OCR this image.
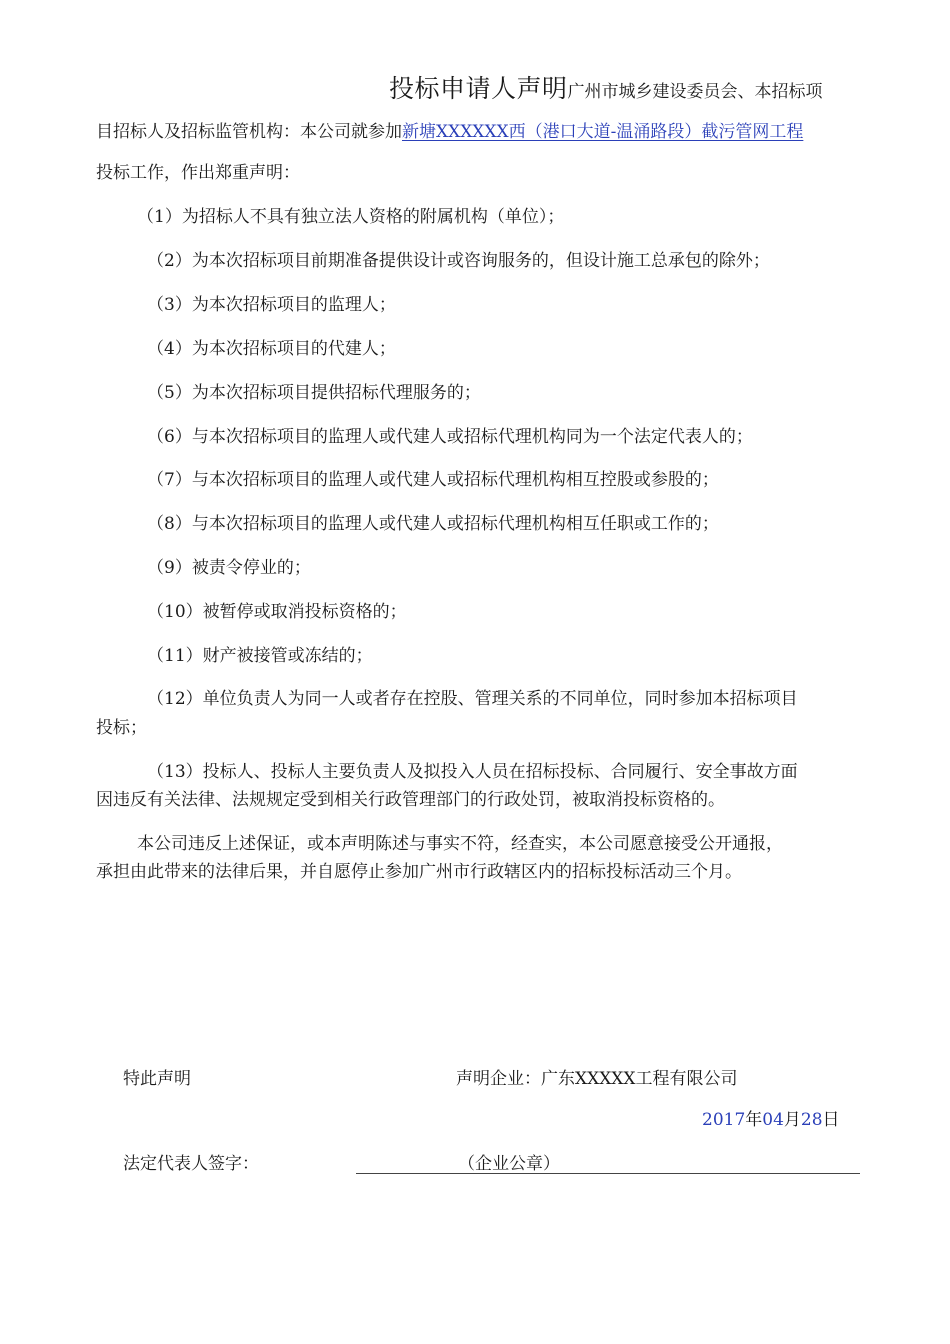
投标申请人声明广州市城乡建设委员会、本招标项
目招标人及招标监管机构：本公司就参加新塘XXXXXX西（港口大道-温涌路段）截污管网工程
投标工作，作出郑重声明：
（1）为招标人不具有独立法人资格的附属机构（单位）；
（2）为本次招标项目前期准备提供设计或咨询服务的，但设计施工总承包的除外；
（3）为本次招标项目的监理人；
（4）为本次招标项目的代建人；
（5）为本次招标项目提供招标代理服务的；
（6）与本次招标项目的监理人或代建人或招标代理机构同为一个法定代表人的；
（7）与本次招标项目的监理人或代建人或招标代理机构相互控股或参股的；
（8）与本次招标项目的监理人或代建人或招标代理机构相互任职或工作的；
（9）被责令停业的；
（10）被暂停或取消投标资格的；
（11）财产被接管或冻结的；
（12）单位负责人为同一人或者存在控股、管理关系的不同单位，同时参加本招标项目
投标；
（13）投标人、投标人主要负责人及拟投入人员在招标投标、合同履行、安全事故方面
因违反有关法律、法规规定受到相关行政管理部门的行政处罚，被取消投标资格的。
本公司违反上述保证，或本声明陈述与事实不符，经查实，本公司愿意接受公开通报，
承担由此带来的法律后果，并自愿停止参加广州市行政辖区内的招标投标活动三个月。
特此声明	声明企业：广东XXXXX工程有限公司
2017年04月28日
法定代表人签字：	（企业公章）
